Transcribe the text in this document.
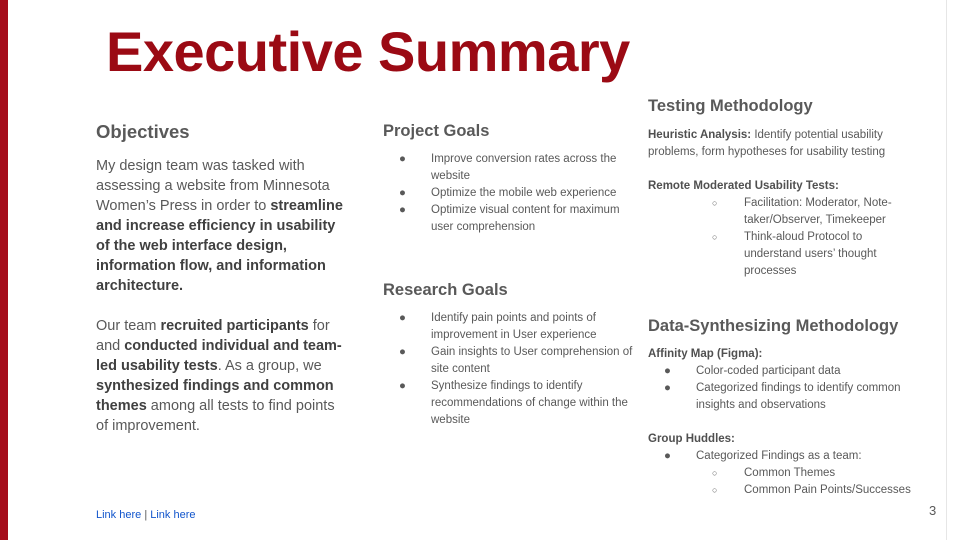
Executive Summary
Objectives

My design team was tasked with assessing a website from Minnesota Women’s Press in order to streamline and increase efficiency in usability of the web interface design, information flow, and information architecture.

Our team recruited participants for and conducted individual and team-led usability tests. As a group, we synthesized findings and common themes among all tests to find points of improvement.

Link here | Link here
Project Goals
● Improve conversion rates across the website
● Optimize the mobile web experience
● Optimize visual content for maximum user comprehension
Research Goals
● Identify pain points and points of improvement in User experience
● Gain insights to User comprehension of site content
● Synthesize findings to identify recommendations of change within the website
Testing Methodology

Heuristic Analysis: Identify potential usability problems, form hypotheses for usability testing

Remote Moderated Usability Tests:

○ Facilitation: Moderator, Note-taker/Observer, Timekeeper
○ Think-aloud Protocol to understand users’ thought processes
Data-Synthesizing Methodology

Affinity Map (Figma):

● Color-coded participant data
● Categorized findings to identify common insights and observations

Group Huddles:

● Categorized Findings as a team:
○ Common Themes
○ Common Pain Points/Successes
3
